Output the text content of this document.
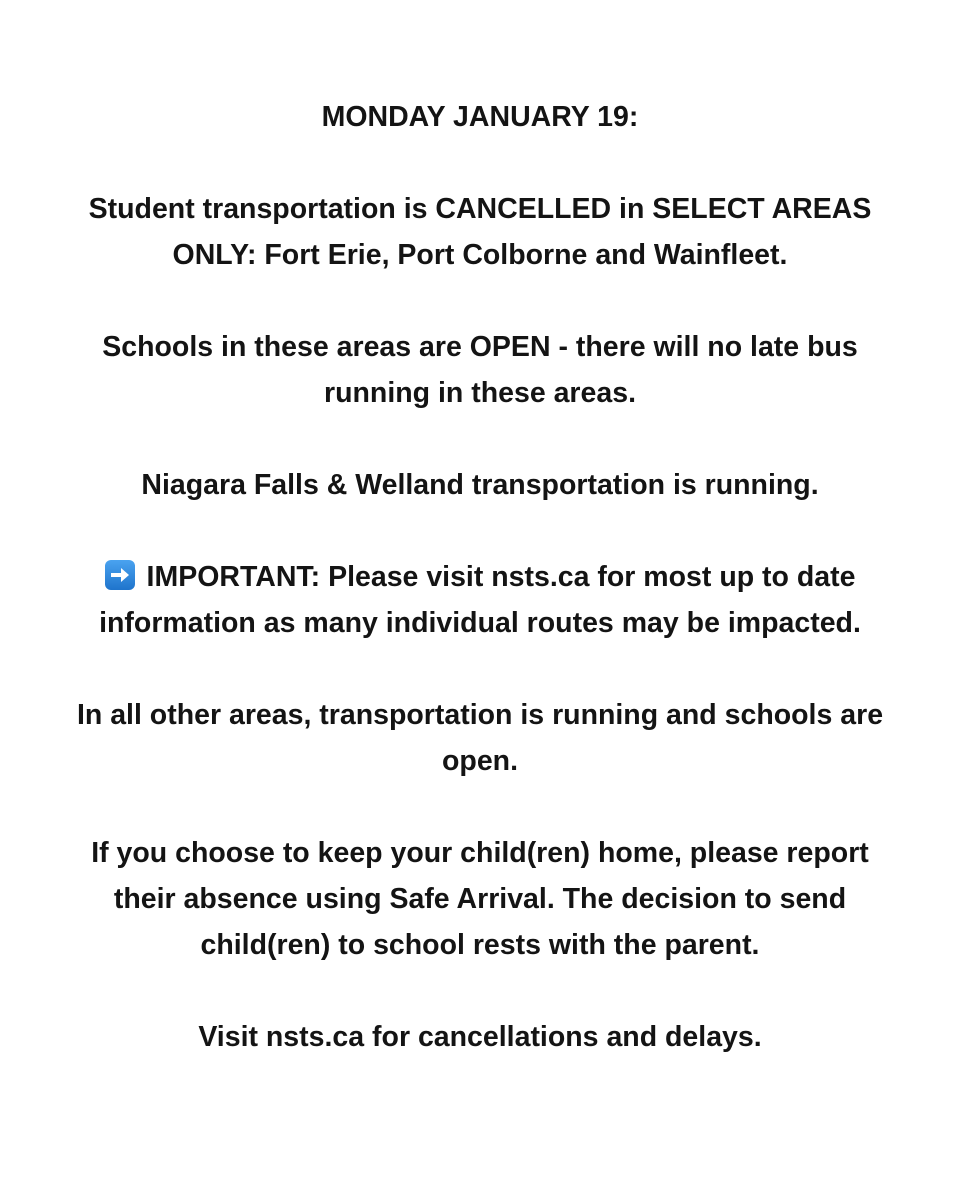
MONDAY JANUARY 19:

Student transportation is CANCELLED in SELECT AREAS ONLY: Fort Erie, Port Colborne and Wainfleet.

Schools in these areas are OPEN - there will no late bus running in these areas.

Niagara Falls & Welland transportation is running.

IMPORTANT: Please visit nsts.ca for most up to date information as many individual routes may be impacted.

In all other areas, transportation is running and schools are open.

If you choose to keep your child(ren) home, please report their absence using Safe Arrival. The decision to send child(ren) to school rests with the parent.

Visit nsts.ca for cancellations and delays.
